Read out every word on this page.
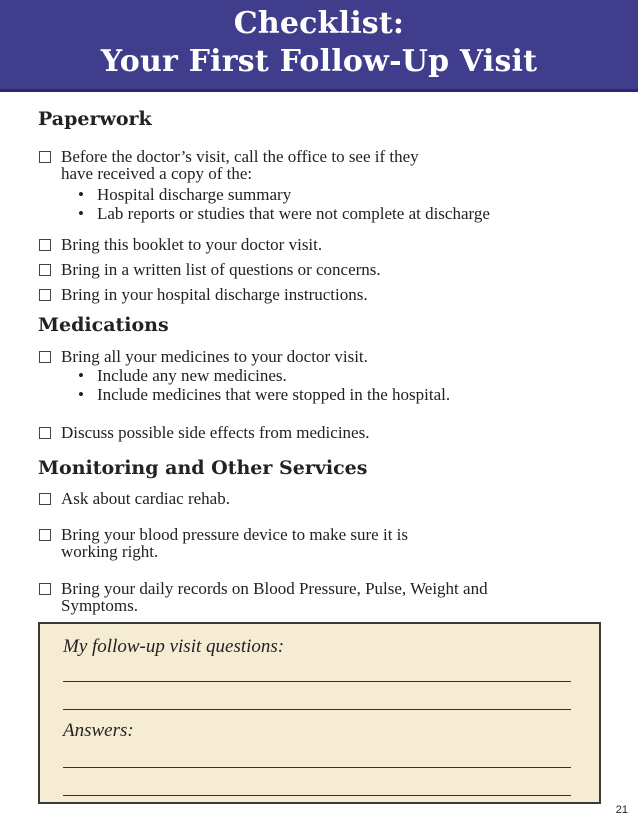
Checklist:
Your First Follow-Up Visit
Paperwork
Before the doctor’s visit, call the office to see if they
have received a copy of the:
• Hospital discharge summary
• Lab reports or studies that were not complete at discharge
Bring this booklet to your doctor visit.
Bring in a written list of questions or concerns.
Bring in your hospital discharge instructions.
Medications
Bring all your medicines to your doctor visit.
• Include any new medicines.
• Include medicines that were stopped in the hospital.
Discuss possible side effects from medicines.
Monitoring and Other Services
Ask about cardiac rehab.
Bring your blood pressure device to make sure it is
working right.
Bring your daily records on Blood Pressure, Pulse, Weight and
Symptoms.
My follow-up visit questions:
Answers:
21
